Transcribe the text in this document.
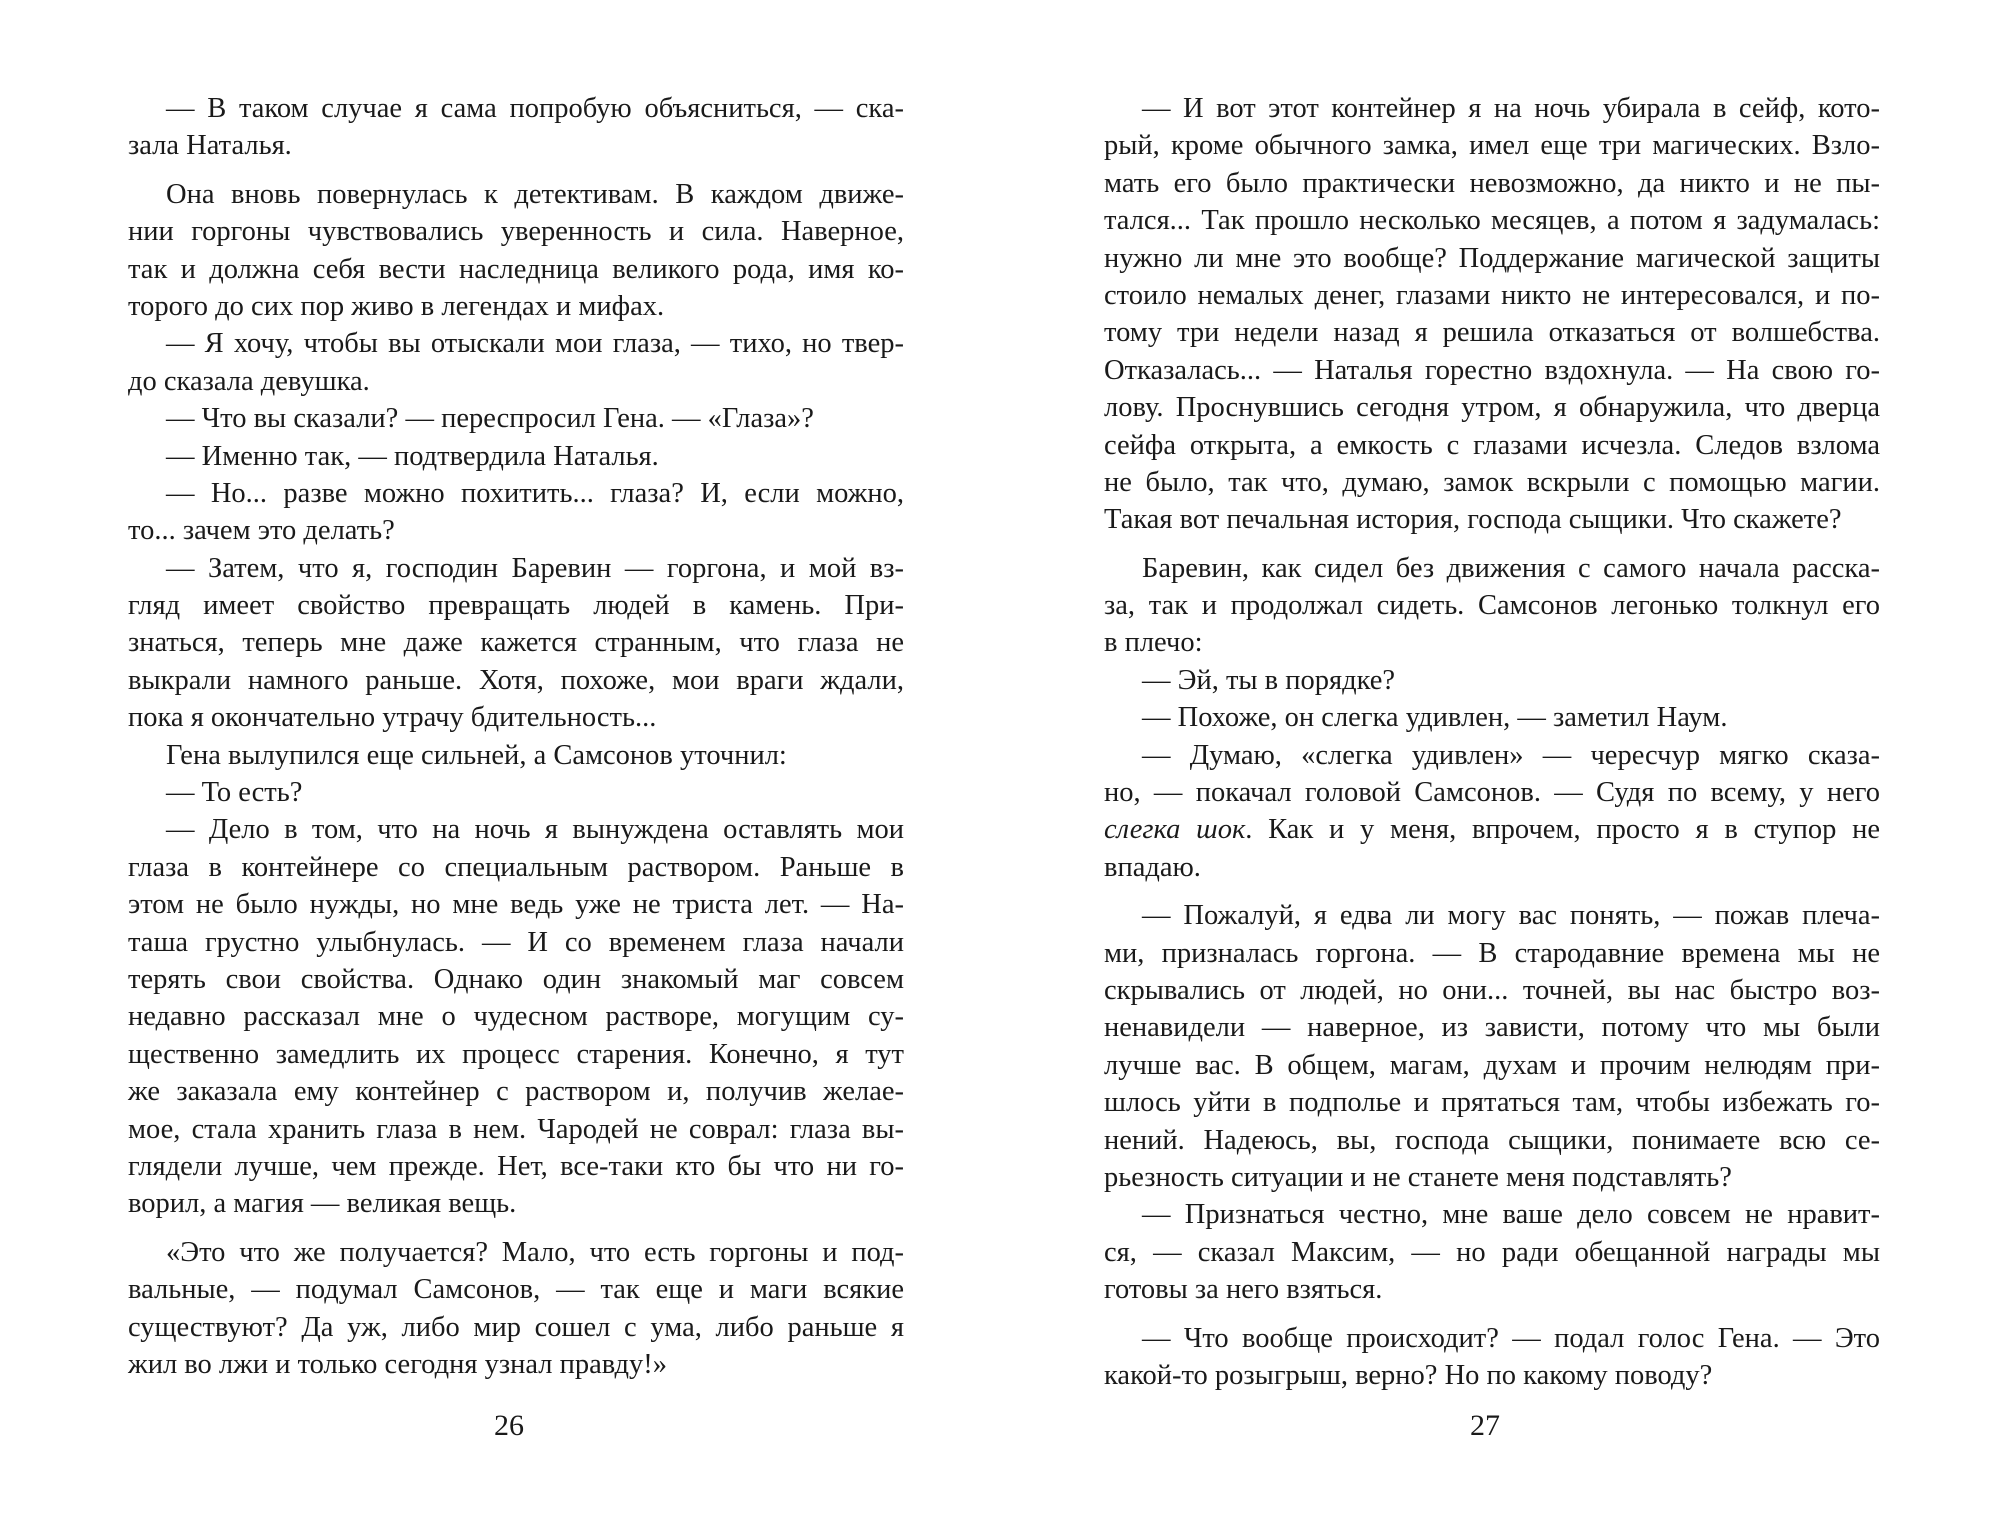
— В таком случае я сама попробую объясниться, — ска-
зала Наталья.
Она вновь повернулась к детективам. В каждом движе-
нии горгоны чувствовались уверенность и сила. Наверное,
так и должна себя вести наследница великого рода, имя ко-
торого до сих пор живо в легендах и мифах.
— Я хочу, чтобы вы отыскали мои глаза, — тихо, но твер-
до сказала девушка.
— Что вы сказали? — переспросил Гена. — «Глаза»?
— Именно так, — подтвердила Наталья.
— Но... разве можно похитить... глаза? И, если можно,
то... зачем это делать?
— Затем, что я, господин Баревин — горгона, и мой вз-
гляд имеет свойство превращать людей в камень. При-
знаться, теперь мне даже кажется странным, что глаза не
выкрали намного раньше. Хотя, похоже, мои враги ждали,
пока я окончательно утрачу бдительность...
Гена вылупился еще сильней, а Самсонов уточнил:
— То есть?
— Дело в том, что на ночь я вынуждена оставлять мои
глаза в контейнере со специальным раствором. Раньше в
этом не было нужды, но мне ведь уже не триста лет. — На-
таша грустно улыбнулась. — И со временем глаза начали
терять свои свойства. Однако один знакомый маг совсем
недавно рассказал мне о чудесном растворе, могущим су-
щественно замедлить их процесс старения. Конечно, я тут
же заказала ему контейнер с раствором и, получив желае-
мое, стала хранить глаза в нем. Чародей не соврал: глаза вы-
глядели лучше, чем прежде. Нет, все-таки кто бы что ни го-
ворил, а магия — великая вещь.
«Это что же получается? Мало, что есть горгоны и под-
вальные, — подумал Самсонов, — так еще и маги всякие
существуют? Да уж, либо мир сошел с ума, либо раньше я
жил во лжи и только сегодня узнал правду!»
26
— И вот этот контейнер я на ночь убирала в сейф, кото-
рый, кроме обычного замка, имел еще три магических. Взло-
мать его было практически невозможно, да никто и не пы-
тался... Так прошло несколько месяцев, а потом я задумалась:
нужно ли мне это вообще? Поддержание магической защиты
стоило немалых денег, глазами никто не интересовался, и по-
тому три недели назад я решила отказаться от волшебства.
Отказалась... — Наталья горестно вздохнула. — На свою го-
лову. Проснувшись сегодня утром, я обнаружила, что дверца
сейфа открыта, а емкость с глазами исчезла. Следов взлома
не было, так что, думаю, замок вскрыли с помощью магии.
Такая вот печальная история, господа сыщики. Что скажете?
Баревин, как сидел без движения с самого начала расска-
за, так и продолжал сидеть. Самсонов легонько толкнул его
в плечо:
— Эй, ты в порядке?
— Похоже, он слегка удивлен, — заметил Наум.
— Думаю, «слегка удивлен» — чересчур мягко сказа-
но, — покачал головой Самсонов. — Судя по всему, у него
слегка шок. Как и у меня, впрочем, просто я в ступор не
впадаю.
— Пожалуй, я едва ли могу вас понять, — пожав плеча-
ми, призналась горгона. — В стародавние времена мы не
скрывались от людей, но они... точней, вы нас быстро воз-
ненавидели — наверное, из зависти, потому что мы были
лучше вас. В общем, магам, духам и прочим нелюдям при-
шлось уйти в подполье и прятаться там, чтобы избежать го-
нений. Надеюсь, вы, господа сыщики, понимаете всю се-
рьезность ситуации и не станете меня подставлять?
— Признаться честно, мне ваше дело совсем не нравит-
ся, — сказал Максим, — но ради обещанной награды мы
готовы за него взяться.
— Что вообще происходит? — подал голос Гена. — Это
какой-то розыгрыш, верно? Но по какому поводу?
27
